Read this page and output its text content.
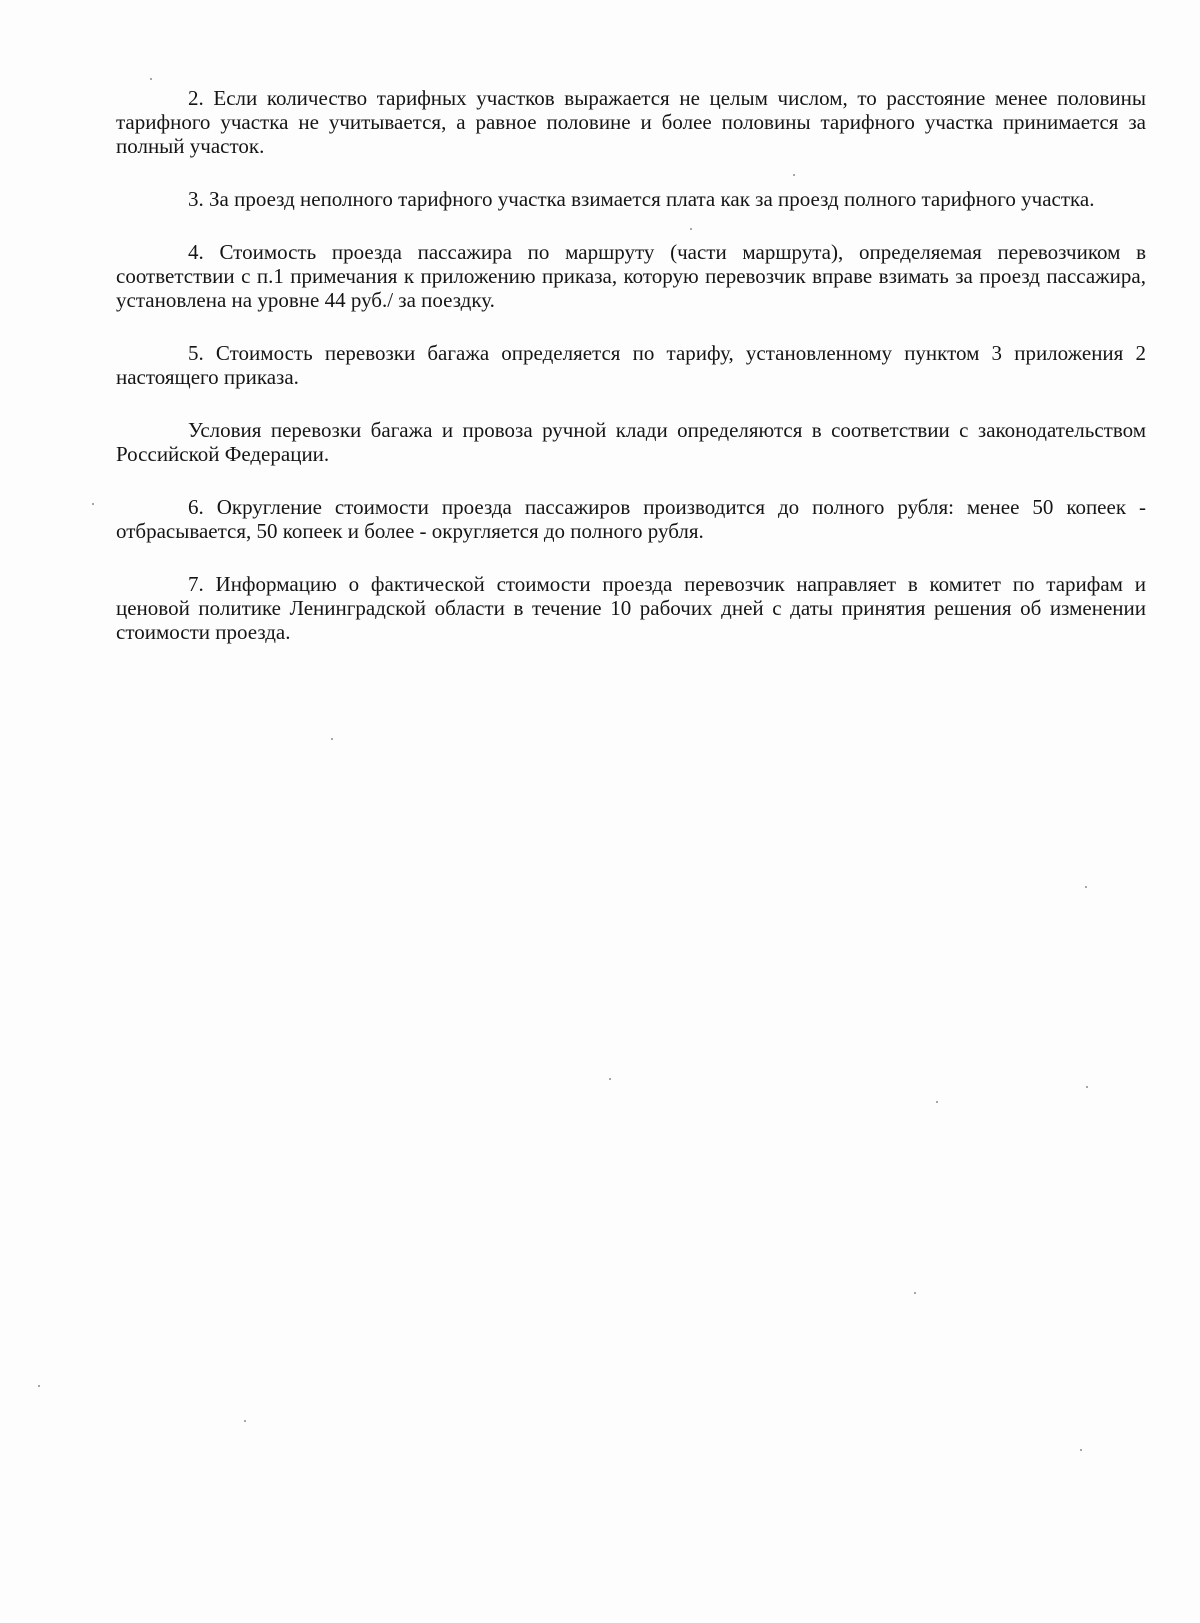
2. Если количество тарифных участков выражается не целым числом, то расстояние менее половины тарифного участка не учитывается, а равное половине и более половины тарифного участка принимается за полный участок.

3. За проезд неполного тарифного участка взимается плата как за проезд полного тарифного участка.

4. Стоимость проезда пассажира по маршруту (части маршрута), определяемая перевозчиком в соответствии с п.1 примечания к приложению приказа, которую перевозчик вправе взимать за проезд пассажира, установлена на уровне 44 руб./ за поездку.

5. Стоимость перевозки багажа определяется по тарифу, установленному пунктом 3 приложения 2 настоящего приказа.

Условия перевозки багажа и провоза ручной клади определяются в соответствии с законодательством Российской Федерации.

6. Округление стоимости проезда пассажиров производится до полного рубля: менее 50 копеек - отбрасывается, 50 копеек и более - округляется до полного рубля.

7. Информацию о фактической стоимости проезда перевозчик направляет в комитет по тарифам и ценовой политике Ленинградской области в течение 10 рабочих дней с даты принятия решения об изменении стоимости проезда.
